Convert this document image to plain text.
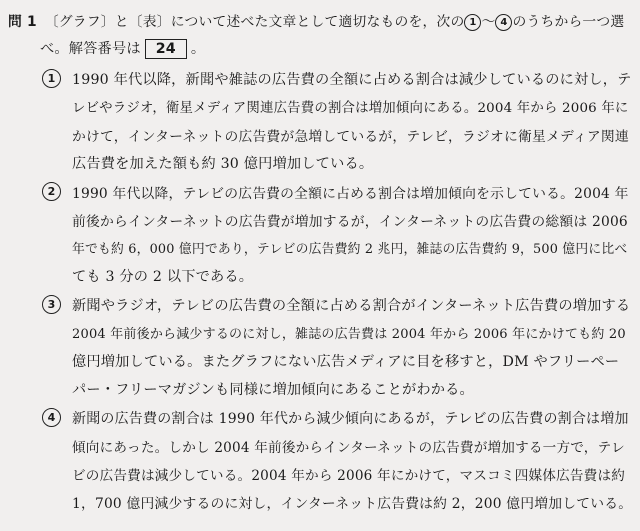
問 1 〔グラフ〕と〔表〕について述べた文章として適切なものを，次の 1 〜 4 のうちから一つ選
べ。解答番号は 24 。
1	1990 年代以降，新聞や雑誌の広告費の全額に占める割合は減少しているのに対し，テ
レビやラジオ，衛星メディア関連広告費の割合は増加傾向にある。2004 年から 2006 年に
かけて，インターネットの広告費が急増しているが，テレビ，ラジオに衛星メディア関連
広告費を加えた額も約 30 億円増加している。
2	1990 年代以降，テレビの広告費の全額に占める割合は増加傾向を示している。2004 年
前後からインターネットの広告費が増加するが，インターネットの広告費の総額は 2006
年でも約 6，000 億円であり，テレビの広告費約 2 兆円，雑誌の広告費約 9，500 億円に比べ
ても 3 分の 2 以下である。
3	新聞やラジオ，テレビの広告費の全額に占める割合がインターネット広告費の増加する
2004 年前後から減少するのに対し，雑誌の広告費は 2004 年から 2006 年にかけても約 20
億円増加している。またグラフにない広告メディアに目を移すと，DM やフリーペー
パー・フリーマガジンも同様に増加傾向にあることがわかる。
4	新聞の広告費の割合は 1990 年代から減少傾向にあるが，テレビの広告費の割合は増加
傾向にあった。しかし 2004 年前後からインターネットの広告費が増加する一方で，テレ
ビの広告費は減少している。2004 年から 2006 年にかけて，マスコミ四媒体広告費は約
1，700 億円減少するのに対し，インターネット広告費は約 2，200 億円増加している。
